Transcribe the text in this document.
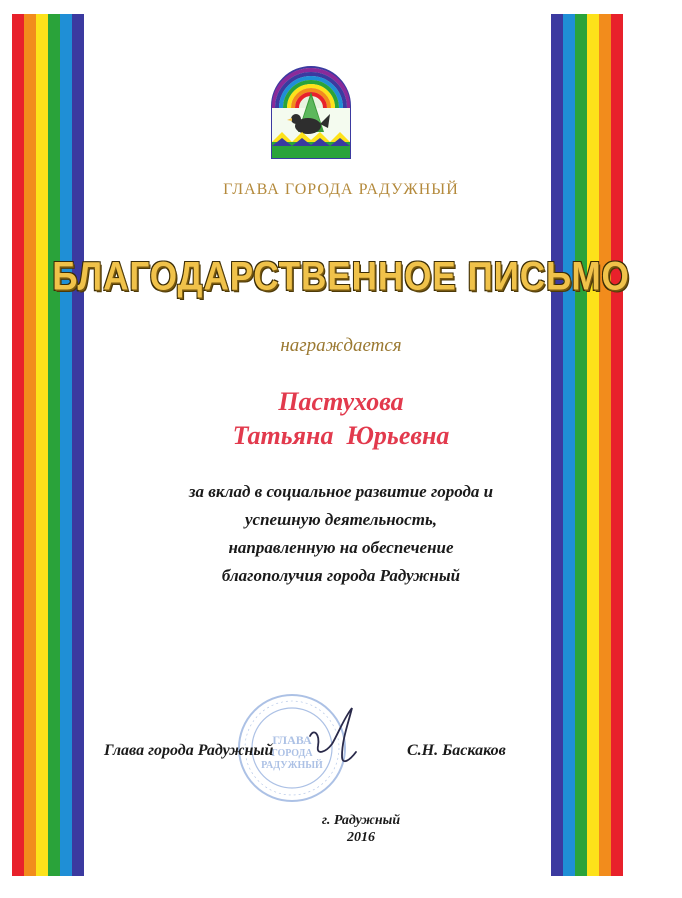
ГЛАВА ГОРОДА РАДУЖНЫЙ
БЛАГОДАРСТВЕННОЕ ПИСЬМО
награждается
Пастухова
Татьяна  Юрьевна
за вклад в социальное развитие города и
успешную деятельность,
направленную на обеспечение
благополучия города Радужный
ГЛАВА
ГОРОДА
РАДУЖНЫЙ
Глава города Радужный	С.Н. Баскаков
г. Радужный
2016
